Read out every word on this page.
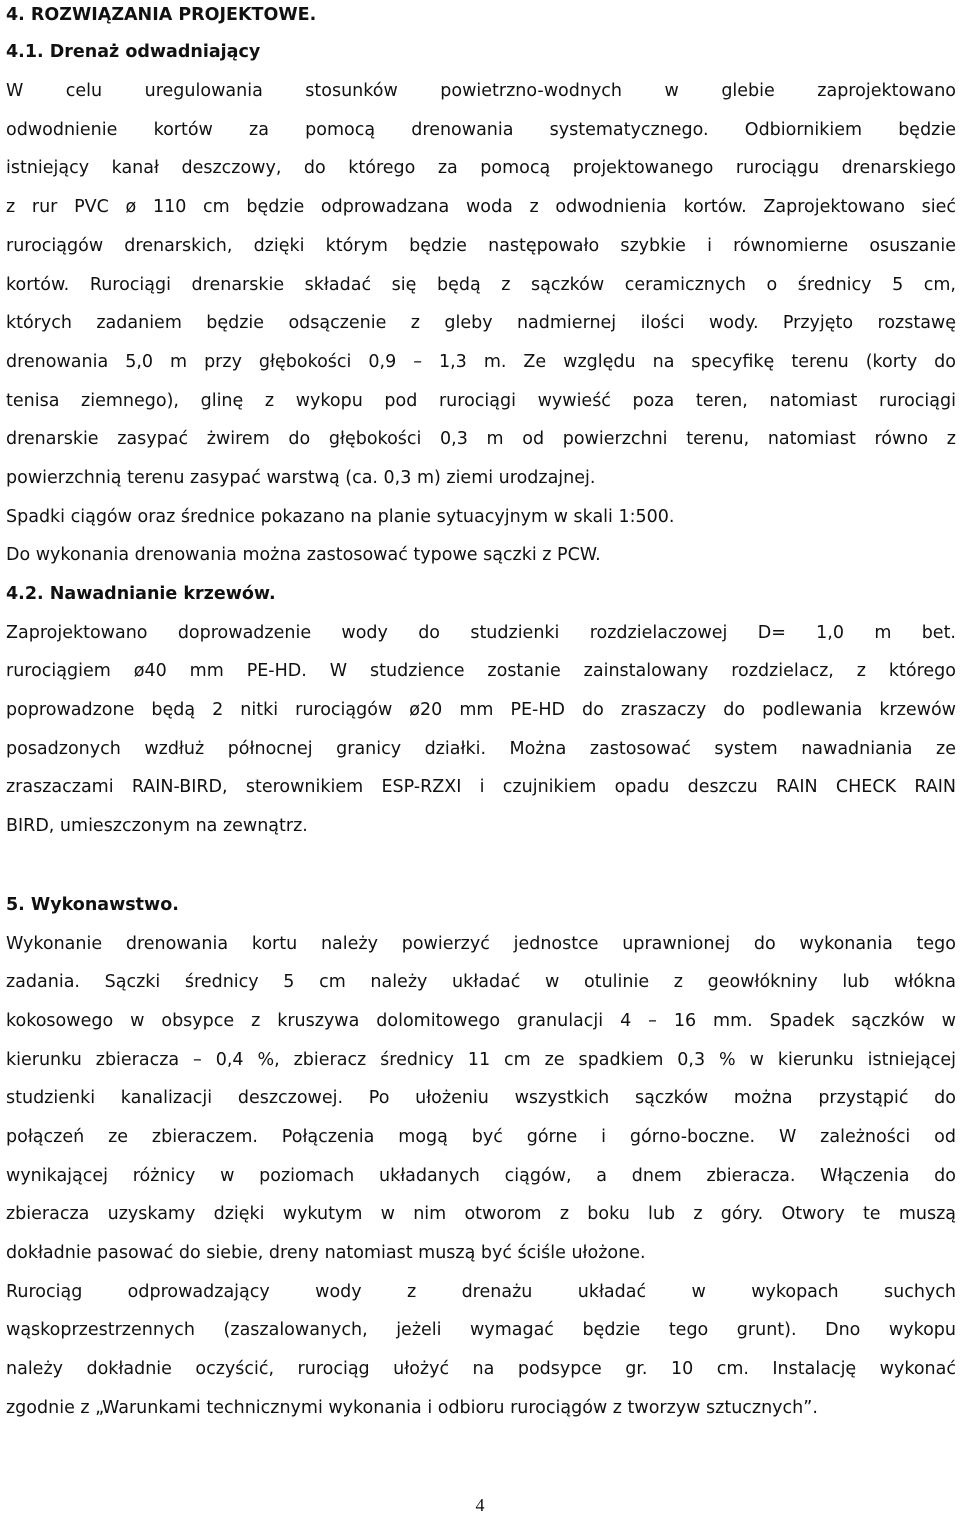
4. ROZWIĄZANIA PROJEKTOWE.
4.1. Drenaż odwadniający
W celu uregulowania stosunków powietrzno-wodnych w glebie zaprojektowano
odwodnienie kortów za pomocą drenowania systematycznego. Odbiornikiem będzie
istniejący kanał deszczowy, do którego za pomocą projektowanego rurociągu drenarskiego
z rur PVC ø 110 cm będzie odprowadzana woda z odwodnienia kortów. Zaprojektowano sieć
rurociągów drenarskich, dzięki którym będzie następowało szybkie i równomierne osuszanie
kortów. Rurociągi drenarskie składać się będą z sączków ceramicznych o średnicy 5 cm,
których zadaniem będzie odsączenie z gleby nadmiernej ilości wody. Przyjęto rozstawę
drenowania 5,0 m przy głębokości 0,9 – 1,3 m. Ze względu na specyfikę terenu (korty do
tenisa ziemnego), glinę z wykopu pod rurociągi wywieść poza teren, natomiast rurociągi
drenarskie zasypać żwirem do głębokości 0,3 m od powierzchni terenu, natomiast równo z
powierzchnią terenu zasypać warstwą (ca. 0,3 m) ziemi urodzajnej.
Spadki ciągów oraz średnice pokazano na planie sytuacyjnym w skali 1:500.
Do wykonania drenowania można zastosować typowe sączki z PCW.
4.2. Nawadnianie krzewów.
Zaprojektowano doprowadzenie wody do studzienki rozdzielaczowej D= 1,0 m bet.
rurociągiem ø40 mm PE-HD. W studzience zostanie zainstalowany rozdzielacz, z którego
poprowadzone będą 2 nitki rurociągów ø20 mm PE-HD do zraszaczy do podlewania krzewów
posadzonych wzdłuż północnej granicy działki. Można zastosować system nawadniania ze
zraszaczami RAIN-BIRD, sterownikiem ESP-RZXI i czujnikiem opadu deszczu RAIN CHECK RAIN
BIRD, umieszczonym na zewnątrz.
5. Wykonawstwo.
Wykonanie drenowania kortu należy powierzyć jednostce uprawnionej do wykonania tego
zadania. Sączki średnicy 5 cm należy układać w otulinie z geowłókniny lub włókna
kokosowego w obsypce z kruszywa dolomitowego granulacji 4 – 16 mm. Spadek sączków w
kierunku zbieracza – 0,4 %, zbieracz średnicy 11 cm ze spadkiem 0,3 % w kierunku istniejącej
studzienki kanalizacji deszczowej. Po ułożeniu wszystkich sączków można przystąpić do
połączeń ze zbieraczem. Połączenia mogą być górne i górno-boczne. W zależności od
wynikającej różnicy w poziomach układanych ciągów, a dnem zbieracza. Włączenia do
zbieracza uzyskamy dzięki wykutym w nim otworom z boku lub z góry. Otwory te muszą
dokładnie pasować do siebie, dreny natomiast muszą być ściśle ułożone.
Rurociąg odprowadzający wody z drenażu układać w wykopach suchych
wąskoprzestrzennych (zaszalowanych, jeżeli wymagać będzie tego grunt). Dno wykopu
należy dokładnie oczyścić, rurociąg ułożyć na podsypce gr. 10 cm. Instalację wykonać
zgodnie z „Warunkami technicznymi wykonania i odbioru rurociągów z tworzyw sztucznych”.
4
